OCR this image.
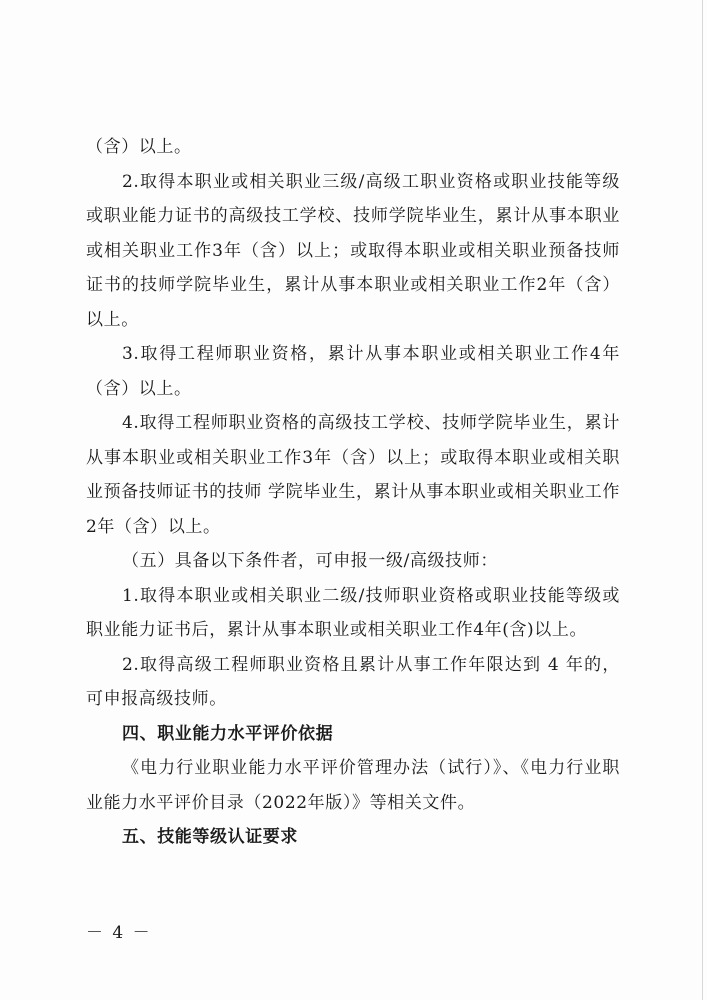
（含）以上。

2.取得本职业或相关职业三级/高级工职业资格或职业技能等级或职业能力证书的高级技工学校、技师学院毕业生，累计从事本职业或相关职业工作3年（含）以上；或取得本职业或相关职业预备技师证书的技师学院毕业生，累计从事本职业或相关职业工作2年（含）以上。

3.取得工程师职业资格，累计从事本职业或相关职业工作4年（含）以上。

4.取得工程师职业资格的高级技工学校、技师学院毕业生，累计从事本职业或相关职业工作3年（含）以上；或取得本职业或相关职业预备技师证书的技师 学院毕业生，累计从事本职业或相关职业工作2年（含）以上。

（五）具备以下条件者，可申报一级/高级技师：

1.取得本职业或相关职业二级/技师职业资格或职业技能等级或职业能力证书后，累计从事本职业或相关职业工作4年(含)以上。

2.取得高级工程师职业资格且累计从事工作年限达到 4 年的，可申报高级技师。

四、职业能力水平评价依据

《电力行业职业能力水平评价管理办法（试行）》、《电力行业职业能力水平评价目录（2022年版）》等相关文件。

五、技能等级认证要求

－ 4 －
